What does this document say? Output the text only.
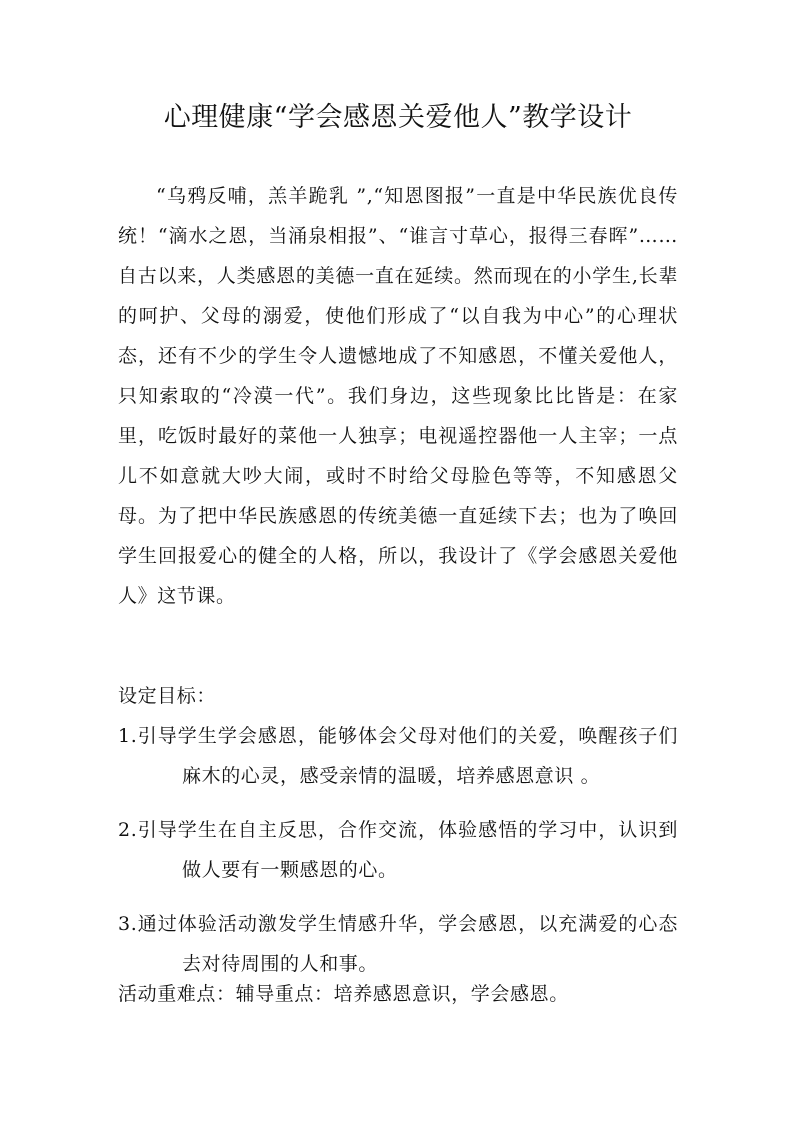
心理健康“学会感恩关爱他人”教学设计
“乌鸦反哺，羔羊跪乳 ”,“知恩图报”一直是中华民族优良传统！“滴水之恩，当涌泉相报”、“谁言寸草心，报得三春晖”……自古以来，人类感恩的美德一直在延续。然而现在的小学生,长辈的呵护、父母的溺爱，使他们形成了“以自我为中心”的心理状态，还有不少的学生令人遗憾地成了不知感恩，不懂关爱他人，只知索取的“冷漠一代”。我们身边，这些现象比比皆是：在家里，吃饭时最好的菜他一人独享；电视遥控器他一人主宰；一点儿不如意就大吵大闹，或时不时给父母脸色等等，不知感恩父母。为了把中华民族感恩的传统美德一直延续下去；也为了唤回学生回报爱心的健全的人格，所以，我设计了《学会感恩关爱他人》这节课。
设定目标：
1.引导学生学会感恩，能够体会父母对他们的关爱，唤醒孩子们麻木的心灵，感受亲情的温暖，培养感恩意识 。
2.引导学生在自主反思，合作交流，体验感悟的学习中，认识到做人要有一颗感恩的心。
3.通过体验活动激发学生情感升华，学会感恩，以充满爱的心态去对待周围的人和事。
活动重难点：辅导重点：培养感恩意识，学会感恩。
